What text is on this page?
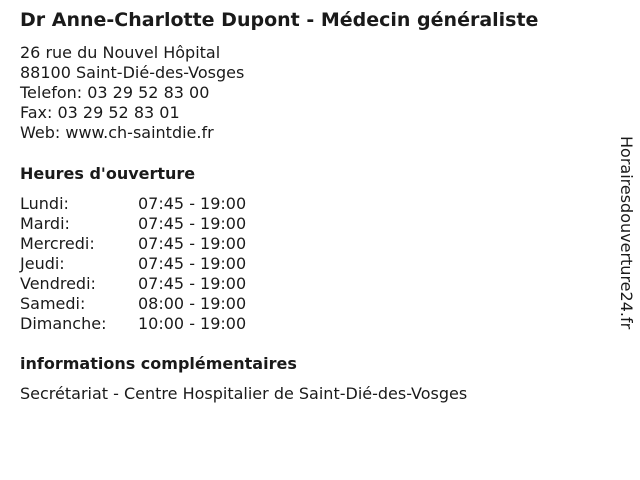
Dr Anne-Charlotte Dupont - Médecin généraliste
26 rue du Nouvel Hôpital
88100 Saint-Dié-des-Vosges
Telefon: 03 29 52 83 00
Fax: 03 29 52 83 01
Web: www.ch-saintdie.fr
Heures d'ouverture
Lundi:	07:45 - 19:00
Mardi:	07:45 - 19:00
Mercredi:	07:45 - 19:00
Jeudi:	07:45 - 19:00
Vendredi:	07:45 - 19:00
Samedi:	08:00 - 19:00
Dimanche:	10:00 - 19:00
informations complémentaires
Secrétariat - Centre Hospitalier de Saint-Dié-des-Vosges
Horairesdouverture24.fr
